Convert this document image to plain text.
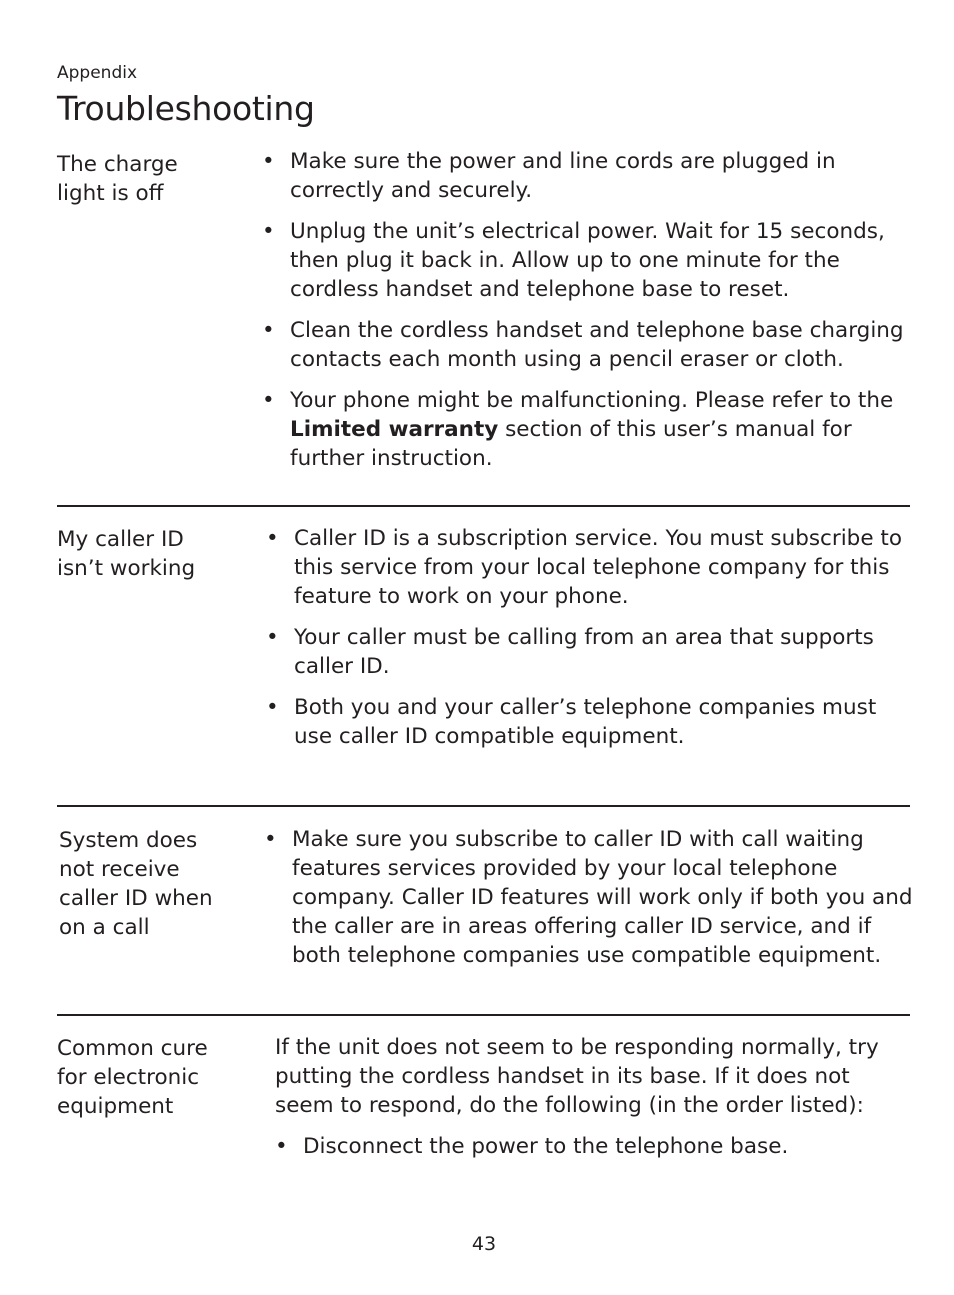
Appendix
Troubleshooting
The charge
light is off
• Make sure the power and line cords are plugged in correctly and securely.
• Unplug the unit’s electrical power. Wait for 15 seconds, then plug it back in. Allow up to one minute for the cordless handset and telephone base to reset.
• Clean the cordless handset and telephone base charging contacts each month using a pencil eraser or cloth.
• Your phone might be malfunctioning. Please refer to the Limited warranty section of this user’s manual for further instruction.
My caller ID
isn’t working
• Caller ID is a subscription service. You must subscribe to this service from your local telephone company for this feature to work on your phone.
• Your caller must be calling from an area that supports caller ID.
• Both you and your caller’s telephone companies must use caller ID compatible equipment.
System does
not receive
caller ID when
on a call
• Make sure you subscribe to caller ID with call waiting features services provided by your local telephone company. Caller ID features will work only if both you and the caller are in areas offering caller ID service, and if both telephone companies use compatible equipment.
Common cure
for electronic
equipment

If the unit does not seem to be responding normally, try putting the cordless handset in its base. If it does not seem to respond, do the following (in the order listed):

• Disconnect the power to the telephone base.
43
